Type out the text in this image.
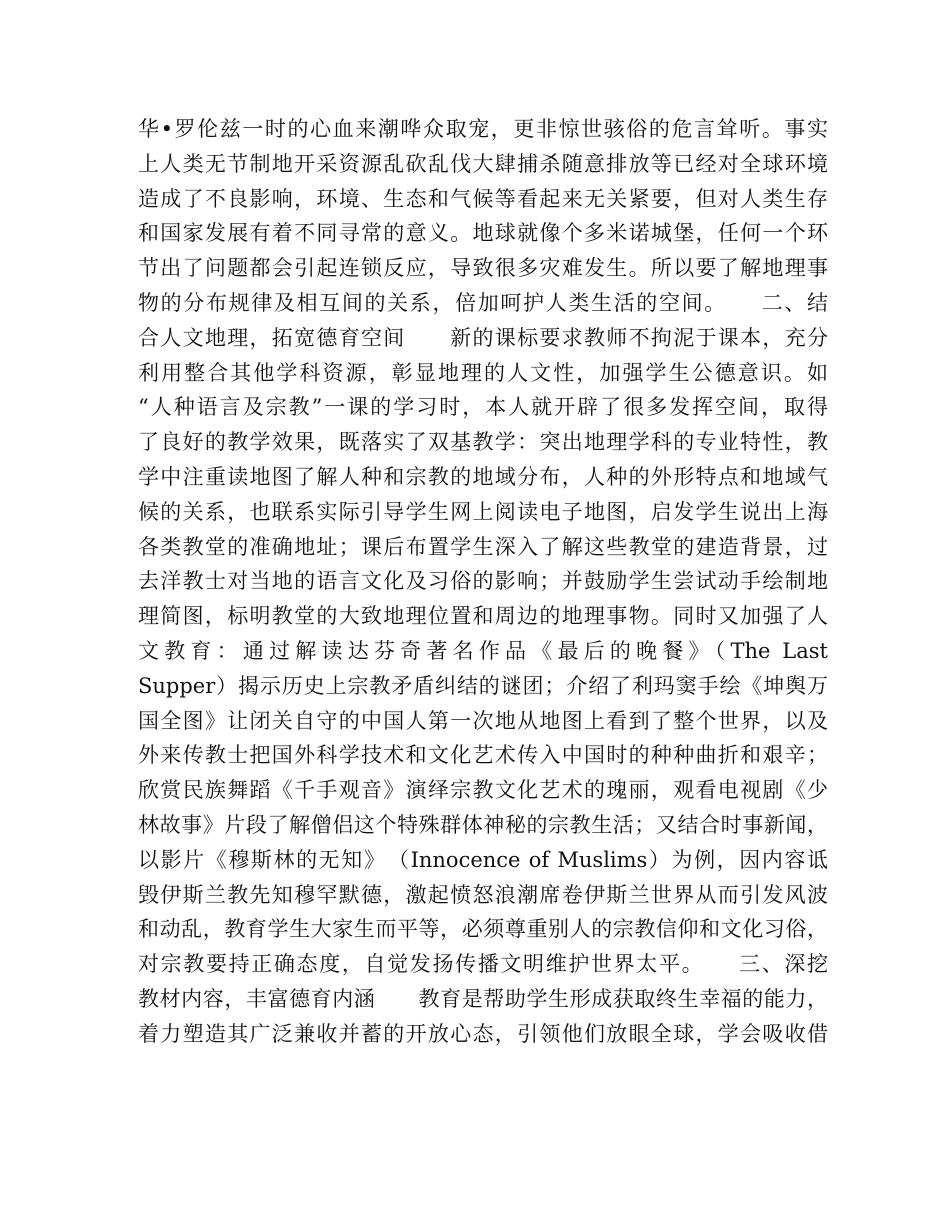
华•罗伦兹一时的心血来潮哗众取宠，更非惊世骇俗的危言耸听。事实
上人类无节制地开采资源乱砍乱伐大肆捕杀随意排放等已经对全球环境
造成了不良影响，环境、生态和气候等看起来无关紧要，但对人类生存
和国家发展有着不同寻常的意义。地球就像个多米诺城堡，任何一个环
节出了问题都会引起连锁反应，导致很多灾难发生。所以要了解地理事
物的分布规律及相互间的关系，倍加呵护人类生活的空间。　　二、结
合人文地理，拓宽德育空间　　新的课标要求教师不拘泥于课本，充分
利用整合其他学科资源，彰显地理的人文性，加强学生公德意识。如
“人种语言及宗教”一课的学习时，本人就开辟了很多发挥空间，取得
了良好的教学效果，既落实了双基教学：突出地理学科的专业特性，教
学中注重读地图了解人种和宗教的地域分布，人种的外形特点和地域气
候的关系，也联系实际引导学生网上阅读电子地图，启发学生说出上海
各类教堂的准确地址；课后布置学生深入了解这些教堂的建造背景，过
去洋教士对当地的语言文化及习俗的影响；并鼓励学生尝试动手绘制地
理简图，标明教堂的大致地理位置和周边的地理事物。同时又加强了人
文教育：通过解读达芬奇著名作品《最后的晚餐》（The Last
Supper）揭示历史上宗教矛盾纠结的谜团；介绍了利玛窦手绘《坤舆万
国全图》让闭关自守的中国人第一次地从地图上看到了整个世界，以及
外来传教士把国外科学技术和文化艺术传入中国时的种种曲折和艰辛；
欣赏民族舞蹈《千手观音》演绎宗教文化艺术的瑰丽，观看电视剧《少
林故事》片段了解僧侣这个特殊群体神秘的宗教生活；又结合时事新闻，
以影片《穆斯林的无知》　（Innocence of Muslims）为例，因内容诋
毁伊斯兰教先知穆罕默德，激起愤怒浪潮席卷伊斯兰世界从而引发风波
和动乱，教育学生大家生而平等，必须尊重别人的宗教信仰和文化习俗，
对宗教要持正确态度，自觉发扬传播文明维护世界太平。　　三、深挖
教材内容，丰富德育内涵　　教育是帮助学生形成获取终生幸福的能力，
着力塑造其广泛兼收并蓄的开放心态，引领他们放眼全球，学会吸收借
